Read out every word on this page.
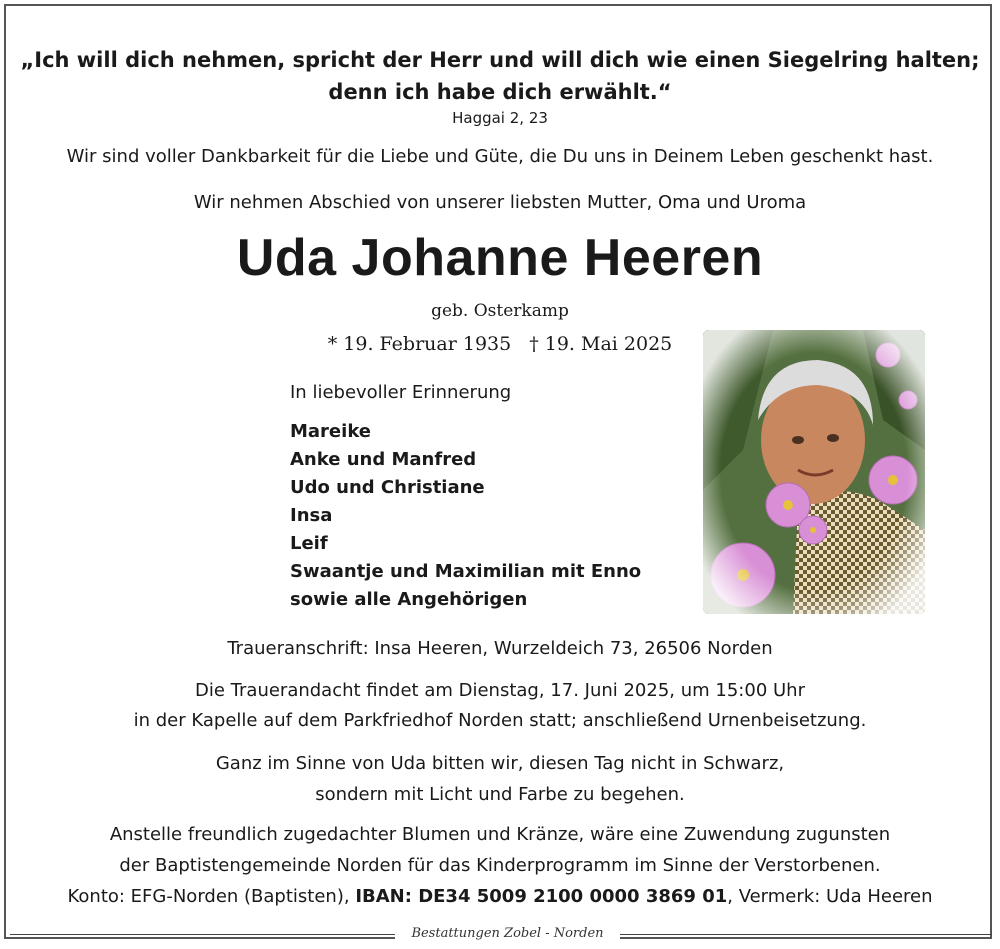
„Ich will dich nehmen, spricht der Herr und will dich wie einen Siegelring halten;
denn ich habe dich erwählt.“
Haggai 2, 23
Wir sind voller Dankbarkeit für die Liebe und Güte, die Du uns in Deinem Leben geschenkt hast.
Wir nehmen Abschied von unserer liebsten Mutter, Oma und Uroma
Uda Johanne Heeren
geb. Osterkamp
* 19. Februar 1935 † 19. Mai 2025
In liebevoller Erinnerung
Mareike
Anke und Manfred
Udo und Christiane
Insa
Leif
Swaantje und Maximilian mit Enno
sowie alle Angehörigen
Traueranschrift: Insa Heeren, Wurzeldeich 73, 26506 Norden
Die Trauerandacht findet am Dienstag, 17. Juni 2025, um 15:00 Uhr
in der Kapelle auf dem Parkfriedhof Norden statt; anschließend Urnenbeisetzung.
Ganz im Sinne von Uda bitten wir, diesen Tag nicht in Schwarz,
sondern mit Licht und Farbe zu begehen.
Anstelle freundlich zugedachter Blumen und Kränze, wäre eine Zuwendung zugunsten
der Baptistengemeinde Norden für das Kinderprogramm im Sinne der Verstorbenen.
Konto: EFG-Norden (Baptisten), IBAN: DE34 5009 2100 0000 3869 01, Vermerk: Uda Heeren
Bestattungen Zobel - Norden
